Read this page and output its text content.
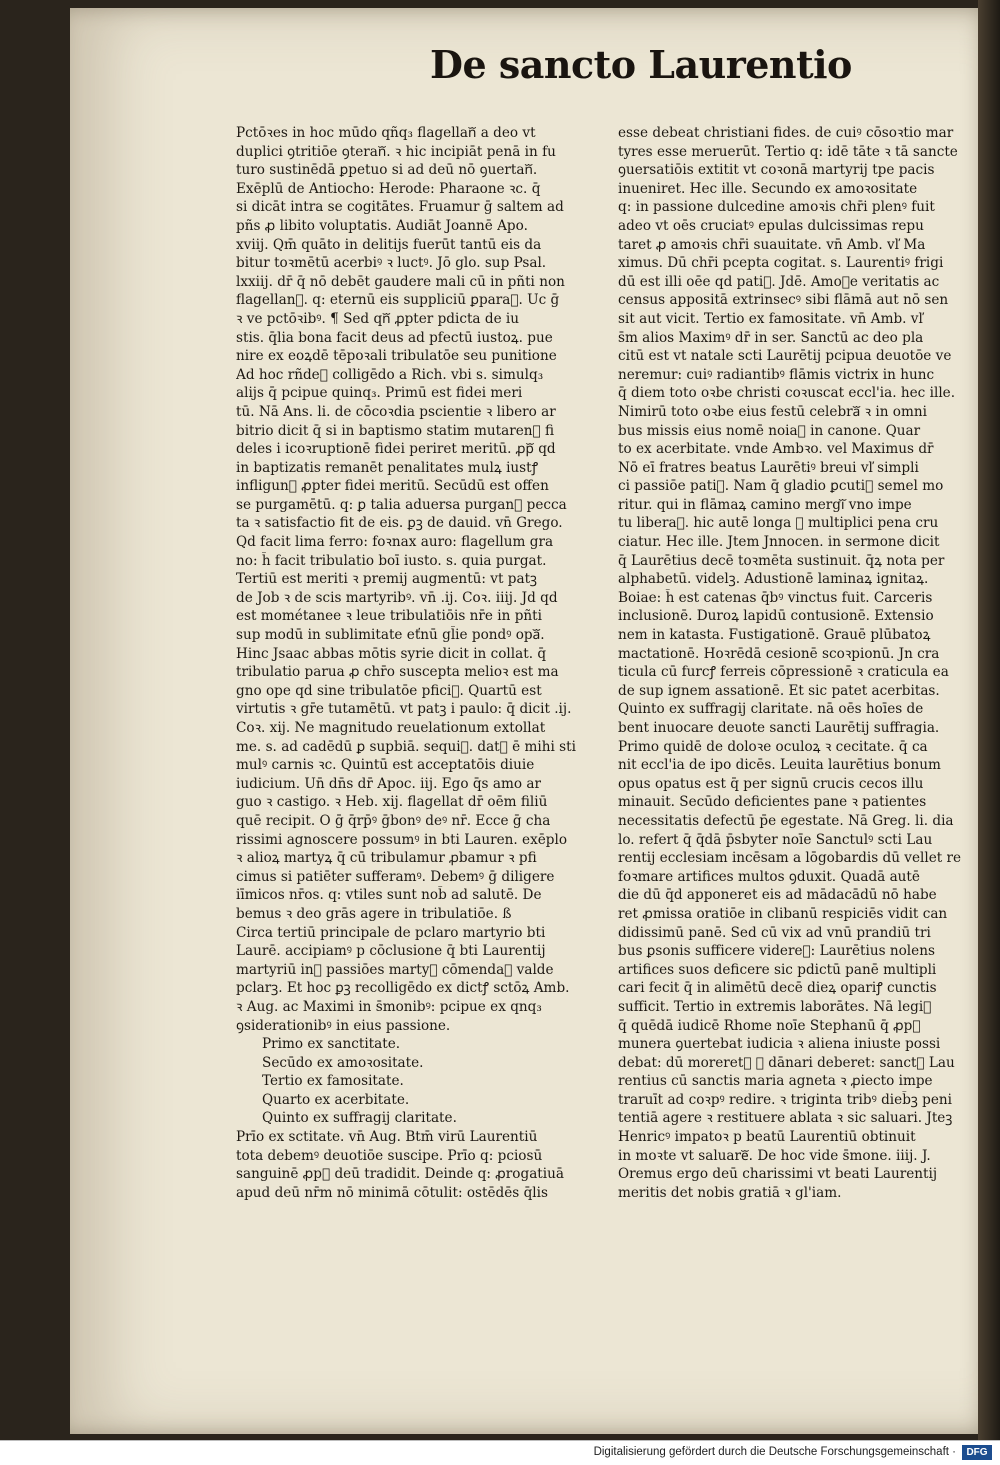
De sancto Laurentio
Pctōꝛes in hoc mūdo qñq₃ flagellanᷓ a deo vt
duplici ꝯtritiōe ꝯteranᷓ. ꝛ hic incipiāt penā in fu
turo sustinēdā ꝑpetuo si ad deū nō ꝯuertanᷓ.
Exēplū de Antiocho: Herode: Pharaone ꝛc. q̄
si dicāt intra se cogitātes. Fruamur ḡ saltem ad
pñs ꝓ libito voluptatis. Audiāt Joannē Apo.
xviij. Qm̄ quāto in delitijs fuerūt tantū eis da
bitur toꝛmētū acerbiꝰ ꝛ luctꝰ. Jō glo. sup Psal.
lxxiij. dr̄ q̄ nō debēt gaudere mali cū in pñti non
flagellanᷓ. q: eternū eis suppliciū ꝑparaᷓ. Uc ḡ
ꝛ ve pctōꝛibꝰ. ¶ Sed qnᷓ ꝓpter pdicta de iu
stis. q̄lia bona facit deus ad pfectū iustoꝝ. pue
nire ex eoꝝdē tēpoꝛali tribulatōe seu punitione
Ad hoc rñdeᷓ colligēdo a Rich. vbi s. simulq₃
alijs q̄ pcipue quinq₃. Primū est fidei meri
tū. Nā Ans. li. de cōcoꝛdia pscientie ꝛ libero ar
bitrio dicit q̄ si in baptismo statim mutarenᷓ fi
deles i icoꝛruptionē fidei periret meritū. ꝓpᷓ qd
in baptizatis remanēt penalitates mulꝝ iustꝭ
infligunᷓ ꝓpter fidei meritū. Secūdū est offen
se purgamētū. q: ꝑ talia aduersa purganᷓ pecca
ta ꝛ satisfactio fit de eis. ꝑꝫ de dauid. vn̄ Grego.
Qd facit lima ferro: foꝛnax auro: flagellum gra
no: h̄ facit tribulatio boī iusto. s. quia purgat.
Tertiū est meriti ꝛ premij augmentū: vt patꝫ
de Job ꝛ de scis martyribꝰ. vn̄ .ij. Coꝛ. iiij. Jd qd
est mométanee ꝛ leue tribulatiōis nr̄e in pñti
sup modū in sublimitate eťnū gl̄ie pondꝰ opaᷓ.
Hinc Jsaac abbas mōtis syrie dicit in collat. q̄
tribulatio parua ꝓ chr̄o suscepta melioꝛ est ma
gno ope qd sine tribulatōe pficiᷓ. Quartū est
virtutis ꝛ gr̄e tutamētū. vt patꝫ i paulo: q̄ dicit .ij.
Coꝛ. xij. Ne magnitudo reuelationum extollat
me. s. ad cadēdū ꝑ supbiā. sequiᷓ. datꝰ ē mihi sti
mulꝰ carnis ꝛc. Quintū est acceptatōis diuie
iudicium. Un̄ dn̄s dr̄ Apoc. iij. Ego q̄s amo ar
guo ꝛ castigo. ꝛ Heb. xij. flagellat dr̄ oēm filiū
quē recipit. O ḡ q̄rp̄ꝰ ḡbonꝰ deꝰ nr̄. Ecce ḡ cha
rissimi agnoscere possumꝰ in bti Lauren. exēplo
ꝛ alioꝝ martyꝝ q̄ cū tribulamur ꝓbamur ꝛ pfi
cimus si patiēter sufferamꝰ. Debemꝰ ḡ diligere
iīmicos nr̄os. q: vtiles sunt nob̄ ad salutē. De
bemus ꝛ deo grās agere in tribulatiōe. ß
Circa tertiū principale de pclaro martyrio bti
Laurē. accipiamꝰ p cōclusione q̄ bti Laurentij
martyriū inᷓ passiōes martyꝝ cōmendaᷓ valde
pclarꝫ. Et hoc ꝑꝫ recolligēdo ex dictꝭ sctōꝝ Amb.
ꝛ Aug. ac Maximi in s̄monibꝰ: pcipue ex qnq₃
ꝯsiderationibꝰ in eius passione.
Primo ex sanctitate.
Secūdo ex amoꝛositate.
Tertio ex famositate.
Quarto ex acerbitate.
Quinto ex suffragij claritate.
Prīo ex sctitate. vn̄ Aug. Btm̄ virū Laurentiū
tota debemꝰ deuotiōe suscipe. Prīo q: pciosū
sanguinē ꝓpᷓ deū tradidit. Deinde q: ꝓrogatiuā
apud deū nr̄m nō minimā cōtulit: ostēdēs q̄lis
esse debeat christiani fides. de cuiꝰ cōsoꝛtio mar
tyres esse meruerūt. Tertio q: idē tāte ꝛ tā sancte
ꝯuersatiōis extitit vt coꝛonā martyrij tpe pacis
inueniret. Hec ille. Secundo ex amoꝛositate
q: in passione dulcedine amoꝛis chr̄i plenꝰ fuit
adeo vt oēs cruciatꝰ epulas dulcissimas repu
taret ꝓ amoꝛis chr̄i suauitate. vn̄ Amb. vľ Ma
ximus. Dū chr̄i pcepta cogitat. s. Laurentiꝰ frigi
dū est illi oēe qd patiᷓ. Jdē. Amoꝛe veritatis ac
census appositā extrinsecꝰ sibi flāmā aut nō sen
sit aut vicit. Tertio ex famositate. vn̄ Amb. vľ
s̄m alios Maximꝰ dr̄ in ser. Sanctū ac deo pla
citū est vt natale scti Laurētij pcipua deuotōe ve
neremur: cuiꝰ radiantibꝰ flāmis victrix in hunc
q̄ diem toto oꝛbe christi coꝛuscat eccl'ia. hec ille.
Nimirū toto oꝛbe eius festū celebraᷓ ꝛ in omni
bus missis eius nomē noiaᷓ in canone. Quar
to ex acerbitate. vnde Ambꝛo. vel Maximus dr̄
Nō eī fratres beatus Laurētiꝰ breui vľ simpli
ci passiōe patiᷓ. Nam q̄ gladio ꝑcutiᷓ semel mo
ritur. qui in flāmaꝝ camino mergiᷓ vno impe
tu liberaᷓ. hic autē longa ꝛ multiplici pena cru
ciatur. Hec ille. Jtem Jnnocen. in sermone dicit
q̄ Laurētius decē toꝛmēta sustinuit. q̄ꝝ nota per
alphabetū. videlꝫ. Adustionē laminaꝝ ignitaꝝ.
Boiae: h̄ est catenas q̄bꝰ vinctus fuit. Carceris
inclusionē. Duroꝝ lapidū contusionē. Extensio
nem in katasta. Fustigationē. Grauē plūbatoꝝ
mactationē. Hoꝛrēdā cesionē scoꝛpionū. Jn cra
ticula cū furcꝭ ferreis cōpressionē ꝛ craticula ea
de sup ignem assationē. Et sic patet acerbitas.
Quinto ex suffragij claritate. nā oēs hoīes de
bent inuocare deuote sancti Laurētij suffragia.
Primo quidē de doloꝛe oculoꝝ ꝛ cecitate. q̄ ca
nit eccl'ia de ipo dicēs. Leuita laurētius bonum
opus opatus est q̄ per signū crucis cecos illu
minauit. Secūdo deficientes pane ꝛ patientes
necessitatis defectū p̄e egestate. Nā Greg. li. dia
lo. refert q̄ q̄dā p̄sbyter noīe Sanctulꝰ scti Lau
rentij ecclesiam incēsam a lōgobardis dū vellet re
foꝛmare artifices multos ꝯduxit. Quadā autē
die dū q̄d apponeret eis ad mādacādū nō habe
ret ꝓmissa oratiōe in clibanū respiciēs vidit can
didissimū panē. Sed cū vix ad vnū prandiū tri
bus ꝑsonis sufficere videreᷓ: Laurētius nolens
artifices suos deficere sic pdictū panē multipli
cari fecit q̄ in alimētū decē dieꝝ opariꝭ cunctis
sufficit. Tertio in extremis laborātes. Nā legiᷓ
q̄ quēdā iudicē Rhome noīe Stephanū q̄ ꝓpᷓ
munera ꝯuertebat iudicia ꝛ aliena iniuste possi
debat: dū moreretᷓ ꝛ dānari deberet: sanctꝰ Lau
rentius cū sanctis maria agneta ꝛ ꝓiecto impe
traruīt ad coꝛpꝰ redire. ꝛ triginta tribꝰ dieb̄ꝫ peni
tentiā agere ꝛ restituere ablata ꝛ sic saluari. Jteꝫ
Henricꝰ impatoꝛ p beatū Laurentiū obtinuit
in moꝛte vt saluareᷓ. De hoc vide s̄mone. iiij. J.
Oremus ergo deū charissimi vt beati Laurentij
meritis det nobis gratiā ꝛ gl'iam.
Digitalisierung gefördert durch die Deutsche Forschungsgemeinschaft ·	DFG
